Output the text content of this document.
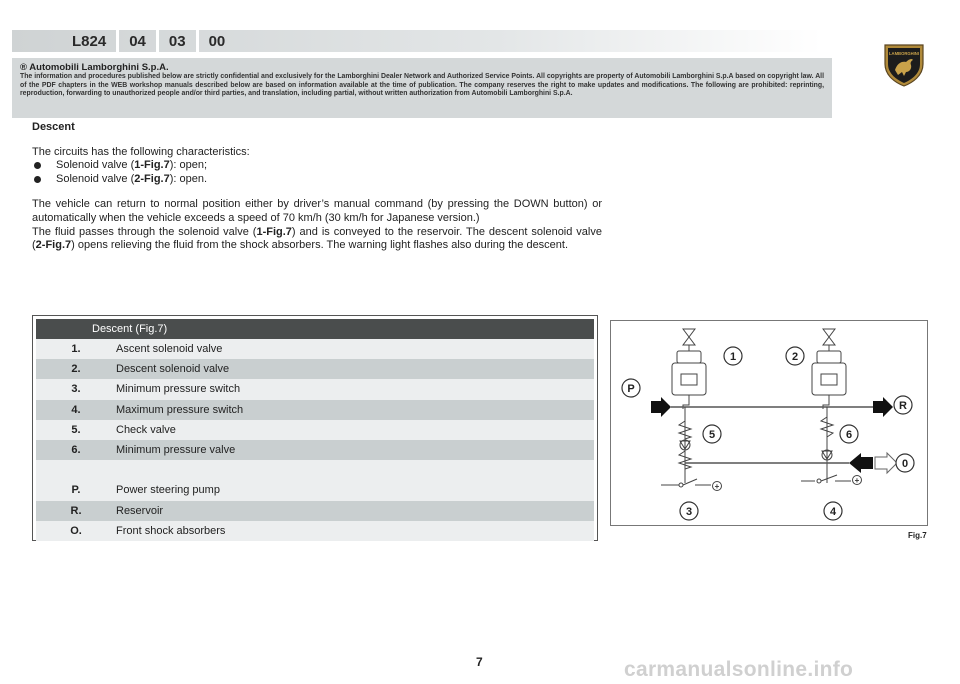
L824	04	03	00
® Automobili Lamborghini S.p.A.
The information and procedures published below are strictly confidential and exclusively for the Lamborghini Dealer Network and Authorized Service Points. All copyrights are property of Automobili Lamborghini S.p.A based on copyright law. All of the PDF chapters in the WEB workshop manuals described below are based on information available at the time of publication. The company reserves the right to make updates and modifications. The following are prohibited: reprinting, reproduction, forwarding to unauthorized people and/or third parties, and translation, including partial, without written authorization from Automobili Lamborghini S.p.A.
LAMBORGHINI
Descent

The circuits has the following characteristics:

Solenoid valve (1-Fig.7): open;
Solenoid valve (2-Fig.7): open.

The vehicle can return to normal position either by driver’s manual command (by pressing the DOWN button) or automatically when the vehicle exceeds a speed of 70 km/h (30 km/h for Japanese version.)

The fluid passes through the solenoid valve (1-Fig.7) and is conveyed to the reservoir. The descent solenoid valve (2-Fig.7) opens relieving the fluid from the shock absorbers. The warning light flashes also during the descent.

Descent (Fig.7)
1.	Ascent solenoid valve
2.	Descent solenoid valve
3.	Minimum pressure switch
4.	Maximum pressure switch
5.	Check valve
6.	Minimum pressure valve
P.	Power steering pump
R.	Reservoir
O.	Front shock absorbers
+
+
1	2
P
R
5	6
0
3	4
Fig.7
7	carmanualsonline.info
